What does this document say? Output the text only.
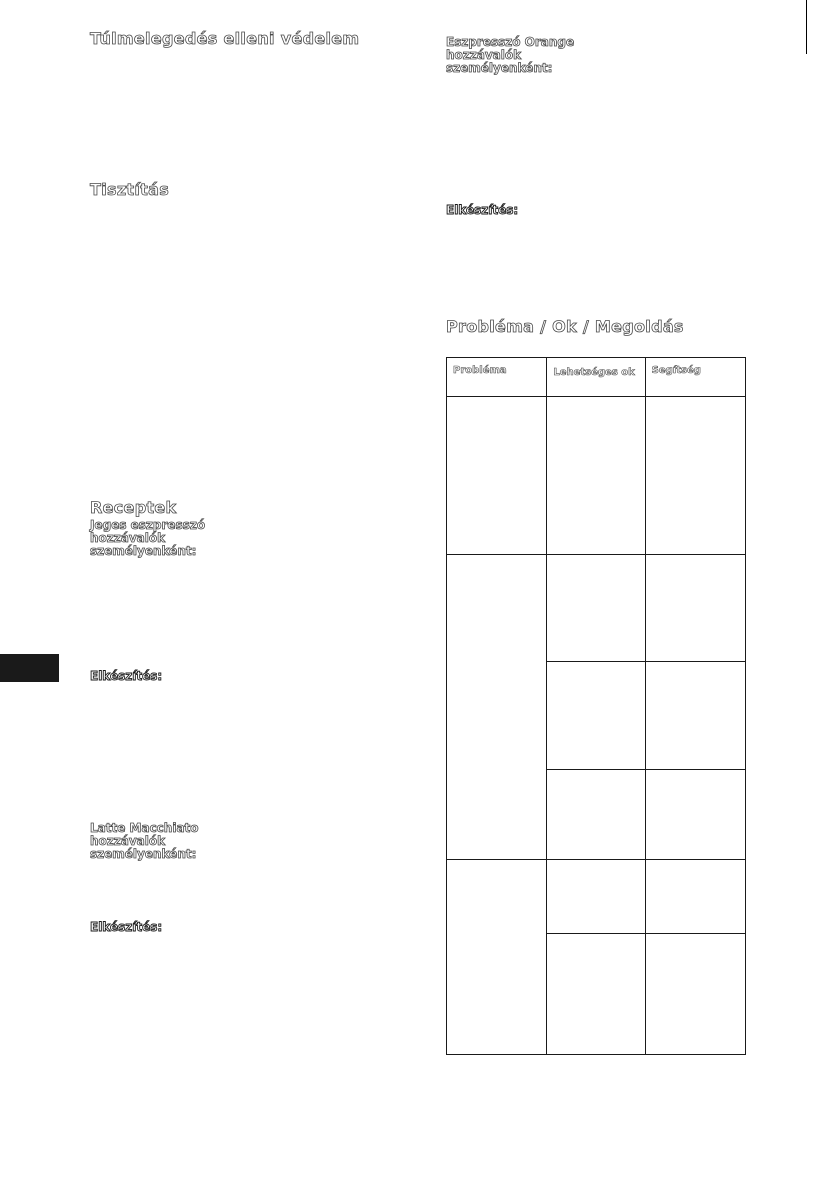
Túlmelegedés elleni védelem
Tisztítás
Receptek
Jeges eszpresszó
hozzávalók
személyenként:
Elkészítés:
Latte Macchiato
hozzávalók
személyenként:
Elkészítés:
Eszpresszó Orange
hozzávalók
személyenként:
Elkészítés:
Probléma / Ok / Megoldás
Probléma	Lehetséges ok	Segítség
